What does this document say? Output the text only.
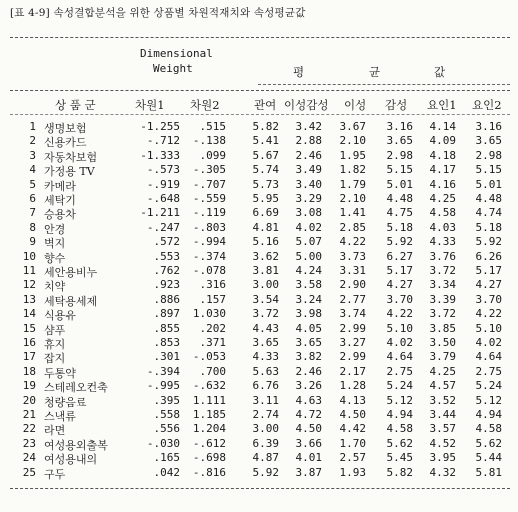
[표 4-9] 속성결합분석을 위한 상품별 차원적재치와 속성평균값
Dimensional
Weight	평	균	값
상 품 군	차원1 차원2	관여 이성감성 이성 감성 요인1 요인2
1 생명보험	-1.255 .515 5.82 3.42 3.67 3.16 4.14 3.16
2 신용카드	-.712 -.138 5.41 2.88 2.10 3.65 4.09 3.65
3 자동차보험	-1.333 .099 5.67 2.46 1.95 2.98 4.18 2.98
4 가정용 TV	-.573 -.305 5.74 3.49 1.82 5.15 4.17 5.15
5 카메라	-.919 -.707 5.73 3.40 1.79 5.01 4.16 5.01
6 세탁기	-.648 -.559 5.95 3.29 2.10 4.48 4.25 4.48
7 승용차	-1.211 -.119 6.69 3.08 1.41 4.75 4.58 4.74
8 안경	-.247 -.803 4.81 4.02 2.85 5.18 4.03 5.18
9 벽지	.572 -.994 5.16 5.07 4.22 5.92 4.33 5.92
10 향수	.553 -.374 3.62 5.00 3.73 6.27 3.76 6.26
11 세안용비누	.762 -.078 3.81 4.24 3.31 5.17 3.72 5.17
12 치약	.923 .316 3.00 3.58 2.90 4.27 3.34 4.27
13 세탁용세제	.886 .157 3.54 3.24 2.77 3.70 3.39 3.70
14 식용유	.897 1.030 3.72 3.98 3.74 4.22 3.72 4.22
15 샴푸	.855 .202 4.43 4.05 2.99 5.10 3.85 5.10
16 휴지	.853 .371 3.65 3.65 3.27 4.02 3.50 4.02
17 잡지	.301 -.053 4.33 3.82 2.99 4.64 3.79 4.64
18 두통약	-.394 .700 5.63 2.46 2.17 2.75 4.25 2.75
19 스테레오컨축	-.995 -.632 6.76 3.26 1.28 5.24 4.57 5.24
20 청량음료	.395 1.111 3.11 4.63 4.13 5.12 3.52 5.12
21 스낵류	.558 1.185 2.74 4.72 4.50 4.94 3.44 4.94
22 라면	.556 1.204 3.00 4.50 4.42 4.58 3.57 4.58
23 여성용외출복	-.030 -.612 6.39 3.66 1.70 5.62 4.52 5.62
24 여성용내의	.165 -.698 4.87 4.01 2.57 5.45 3.95 5.44
25 구두	.042 -.816 5.92 3.87 1.93 5.82 4.32 5.81
